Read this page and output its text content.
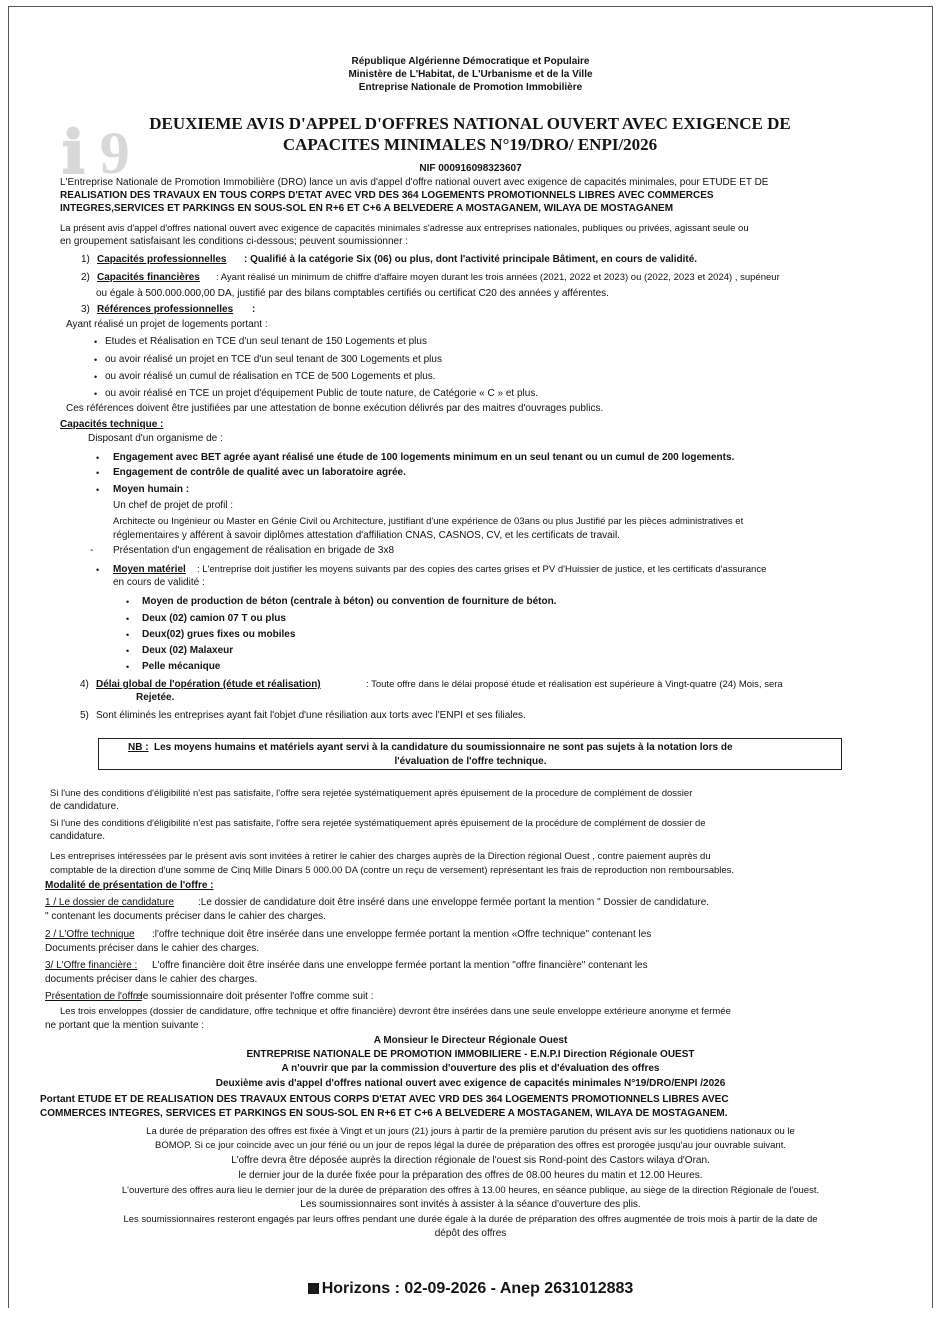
ℹ 9
République Algérienne Démocratique et Populaire
Ministère de L'Habitat, de L'Urbanisme et de la Ville
Entreprise Nationale de Promotion Immobilière
DEUXIEME AVIS D'APPEL D'OFFRES NATIONAL OUVERT AVEC EXIGENCE DE
CAPACITES MINIMALES N°19/DRO/ ENPI/2026
NIF 000916098323607
L'Entreprise Nationale de Promotion Immobilière (DRO) lance un avis d'appel d'offre national ouvert avec exigence de capacités minimales, pour ETUDE ET DE
REALISATION DES TRAVAUX EN TOUS CORPS D'ETAT AVEC VRD DES 364 LOGEMENTS PROMOTIONNELS LIBRES AVEC COMMERCES
INTEGRES,SERVICES ET PARKINGS EN SOUS-SOL EN R+6 ET C+6 A BELVEDERE A MOSTAGANEM, WILAYA DE MOSTAGANEM
La présent avis d'appel d'offres national ouvert avec exigence de capacités minimales s'adresse aux entreprises nationales, publiques ou privées, agissant seule ou
en groupement satisfaisant les conditions ci-dessous; peuvent soumissionner :
1) Capacités professionnelles : Qualifié à la catégorie Six (06) ou plus, dont l'activité principale Bâtiment, en cours de validité.
2) Capacités financières : Ayant réalisé un minimum de chiffre d'affaire moyen durant les trois années (2021, 2022 et 2023) ou (2022, 2023 et 2024) , supéneur
ou égale à 500.000.000,00 DA, justifié par des bilans comptables certifiés ou certificat C20 des années y afférentes.
3) Références professionnelles :
Ayant réalisé un projet de logements portant :
• Etudes et Réalisation en TCE d'un seul tenant de 150 Logements et plus
• ou avoir réalisé un projet en TCE d'un seul tenant de 300 Logements et plus
• ou avoir réalisé un cumul de réalisation en TCE de 500 Logements et plus.
• ou avoir réalisé en TCE un projet d'équipement Public de toute nature, de Catégorie « C » et plus.
Ces références doivent être justifiées par une attestation de bonne exécution délivrés par des maitres d'ouvrages publics.
Capacités technique :
Disposant d'un organisme de :
• Engagement avec BET agrée ayant réalisé une étude de 100 logements minimum en un seul tenant ou un cumul de 200 logements.
• Engagement de contrôle de qualité avec un laboratoire agrée.
• Moyen humain :
Un chef de projet de profil :
Architecte ou Ingénieur ou Master en Génie Civil ou Architecture, justifiant d'une expérience de 03ans ou plus Justifié par les pièces administratives et
réglementaires y afférent à savoir diplômes attestation d'affiliation CNAS, CASNOS, CV, et les certificats de travail.
- Présentation d'un engagement de réalisation en brigade de 3x8
• Moyen matériel : L'entreprise doit justifier les moyens suivants par des copies des cartes grises et PV d'Huissier de justice, et les certificats d'assurance
en cours de validité :
• Moyen de production de béton (centrale à béton) ou convention de fourniture de béton.
• Deux (02) camion 07 T ou plus
• Deux(02) grues fixes ou mobiles
• Deux (02) Malaxeur
• Pelle mécanique
4) Délai global de l'opération (étude et réalisation)	: Toute offre dans le délai proposé étude et réalisation est supérieure à Vingt-quatre (24) Mois, sera
Rejetée.
5) Sont éliminés les entreprises ayant fait l'objet d'une résiliation aux torts avec l'ENPI et ses filiales.
NB : Les moyens humains et matériels ayant servi à la candidature du soumissionnaire ne sont pas sujets à la notation lors de
l'évaluation de l'offre technique.
Si l'une des conditions d'éligibilité n'est pas satisfaite, l'offre sera rejetée systématiquement après épuisement de la procedure de complément de dossier
de candidature.
Si l'une des conditions d'éligibilité n'est pas satisfaite, l'offre sera rejetée systématiquement après épuisement de la procédure de complément de dossier de
candidature.
Les entreprises intéressées par le présent avis sont invitées à retirer le cahier des charges auprès de la Direction régional Ouest , contre paiement auprès du
comptable de la direction d'une somme de Cinq Mille Dinars 5 000.00 DA (contre un reçu de versement) représentant les frais de reproduction non remboursables.
Modalité de présentation de l'offre :
1 / Le dossier de candidature :Le dossier de candidature doit être inséré dans une enveloppe fermée portant la mention " Dossier de candidature.
" contenant les documents préciser dans le cahier des charges.
2 / L'Offre technique :l'offre technique doit être insérée dans une enveloppe fermée portant la mention «Offre technique" contenant les
Documents préciser dans le cahier des charges.
3/ L'Offre financière : L'offre financière doit être insérée dans une enveloppe fermée portant la mention "offre financière" contenant les
documents préciser dans le cahier des charges.
Présentation de l'offre
: le soumissionnaire doit présenter l'offre comme suit :
Les trois enveloppes (dossier de candidature, offre technique et offre financière) devront être insérées dans une seule enveloppe extérieure anonyme et fermée
ne portant que la mention suivante :
A Monsieur le Directeur Régionale Ouest
ENTREPRISE NATIONALE DE PROMOTION IMMOBILIERE - E.N.P.I Direction Régionale OUEST
A n'ouvrir que par la commission d'ouverture des plis et d'évaluation des offres
Deuxième avis d'appel d'offres national ouvert avec exigence de capacités minimales N°19/DRO/ENPI /2026
Portant ETUDE ET DE REALISATION DES TRAVAUX ENTOUS CORPS D'ETAT AVEC VRD DES 364 LOGEMENTS PROMOTIONNELS LIBRES AVEC
COMMERCES INTEGRES, SERVICES ET PARKINGS EN SOUS-SOL EN R+6 ET C+6 A BELVEDERE A MOSTAGANEM, WILAYA DE MOSTAGANEM.
La durée de préparation des offres est fixée à Vingt et un jours (21) jours à partir de la première parution du présent avis sur les quotidiens nationaux ou le
BOMOP. Si ce jour coincide avec un jour férié ou un jour de repos légal la durée de préparation des offres est prorogée jusqu'au jour ouvrable suivant.
L'offre devra être déposée auprès la direction régionale de l'ouest sis Rond-point des Castors wilaya d'Oran.
le dernier jour de la durée fixée pour la préparation des offres de 08.00 heures du matin et 12.00 Heures.
L'ouverture des offres aura lieu le dernier jour de la durée de préparation des offres à 13.00 heures, en séance publique, au siège de la direction Régionale de l'ouest.
Les soumissionnaires sont invités à assister à la séance d'ouverture des plis.
Les soumissionnaires resteront engagés par leurs offres pendant une durée égale à la durée de préparation des offres augmentée de trois mois à partir de la date de
dépôt des offres
Horizons : 02-09-2026 - Anep 2631012883
